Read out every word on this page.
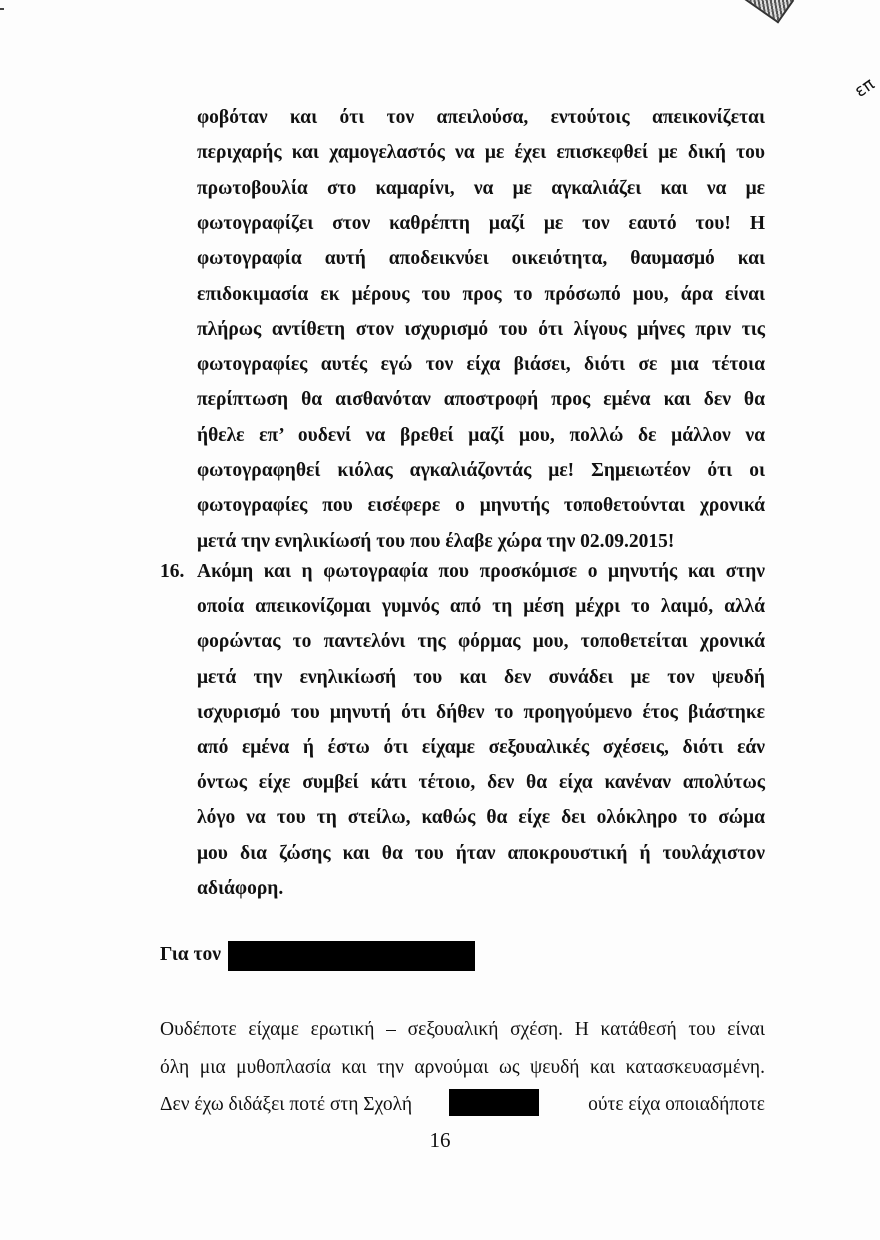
επ
φοβόταν και ότι τον απειλούσα, εντούτοις απεικονίζεται
περιχαρής και χαμογελαστός να με έχει επισκεφθεί με δική του
πρωτοβουλία στο καμαρίνι, να με αγκαλιάζει και να με
φωτογραφίζει στον καθρέπτη μαζί με τον εαυτό του! Η
φωτογραφία αυτή αποδεικνύει οικειότητα, θαυμασμό και
επιδοκιμασία εκ μέρους του προς το πρόσωπό μου, άρα είναι
πλήρως αντίθετη στον ισχυρισμό του ότι λίγους μήνες πριν τις
φωτογραφίες αυτές εγώ τον είχα βιάσει, διότι σε μια τέτοια
περίπτωση θα αισθανόταν αποστροφή προς εμένα και δεν θα
ήθελε επ’ ουδενί να βρεθεί μαζί μου, πολλώ δε μάλλον να
φωτογραφηθεί κιόλας αγκαλιάζοντάς με! Σημειωτέον ότι οι
φωτογραφίες που εισέφερε ο μηνυτής τοποθετούνται χρονικά
μετά την ενηλικίωσή του που έλαβε χώρα την 02.09.2015!
16. Ακόμη και η φωτογραφία που προσκόμισε ο μηνυτής και στην
οποία απεικονίζομαι γυμνός από τη μέση μέχρι το λαιμό, αλλά
φορώντας το παντελόνι της φόρμας μου, τοποθετείται χρονικά
μετά την ενηλικίωσή του και δεν συνάδει με τον ψευδή
ισχυρισμό του μηνυτή ότι δήθεν το προηγούμενο έτος βιάστηκε
από εμένα ή έστω ότι είχαμε σεξουαλικές σχέσεις, διότι εάν
όντως είχε συμβεί κάτι τέτοιο, δεν θα είχα κανέναν απολύτως
λόγο να του τη στείλω, καθώς θα είχε δει ολόκληρο το σώμα
μου δια ζώσης και θα του ήταν αποκρουστική ή τουλάχιστον
αδιάφορη.
Για τον
Ουδέποτε είχαμε ερωτική – σεξουαλική σχέση. Η κατάθεσή του είναι
όλη μια μυθοπλασία και την αρνούμαι ως ψευδή και κατασκευασμένη.
Δεν έχω διδάξει ποτέ στη Σχολή	ούτε είχα οποιαδήποτε
16
